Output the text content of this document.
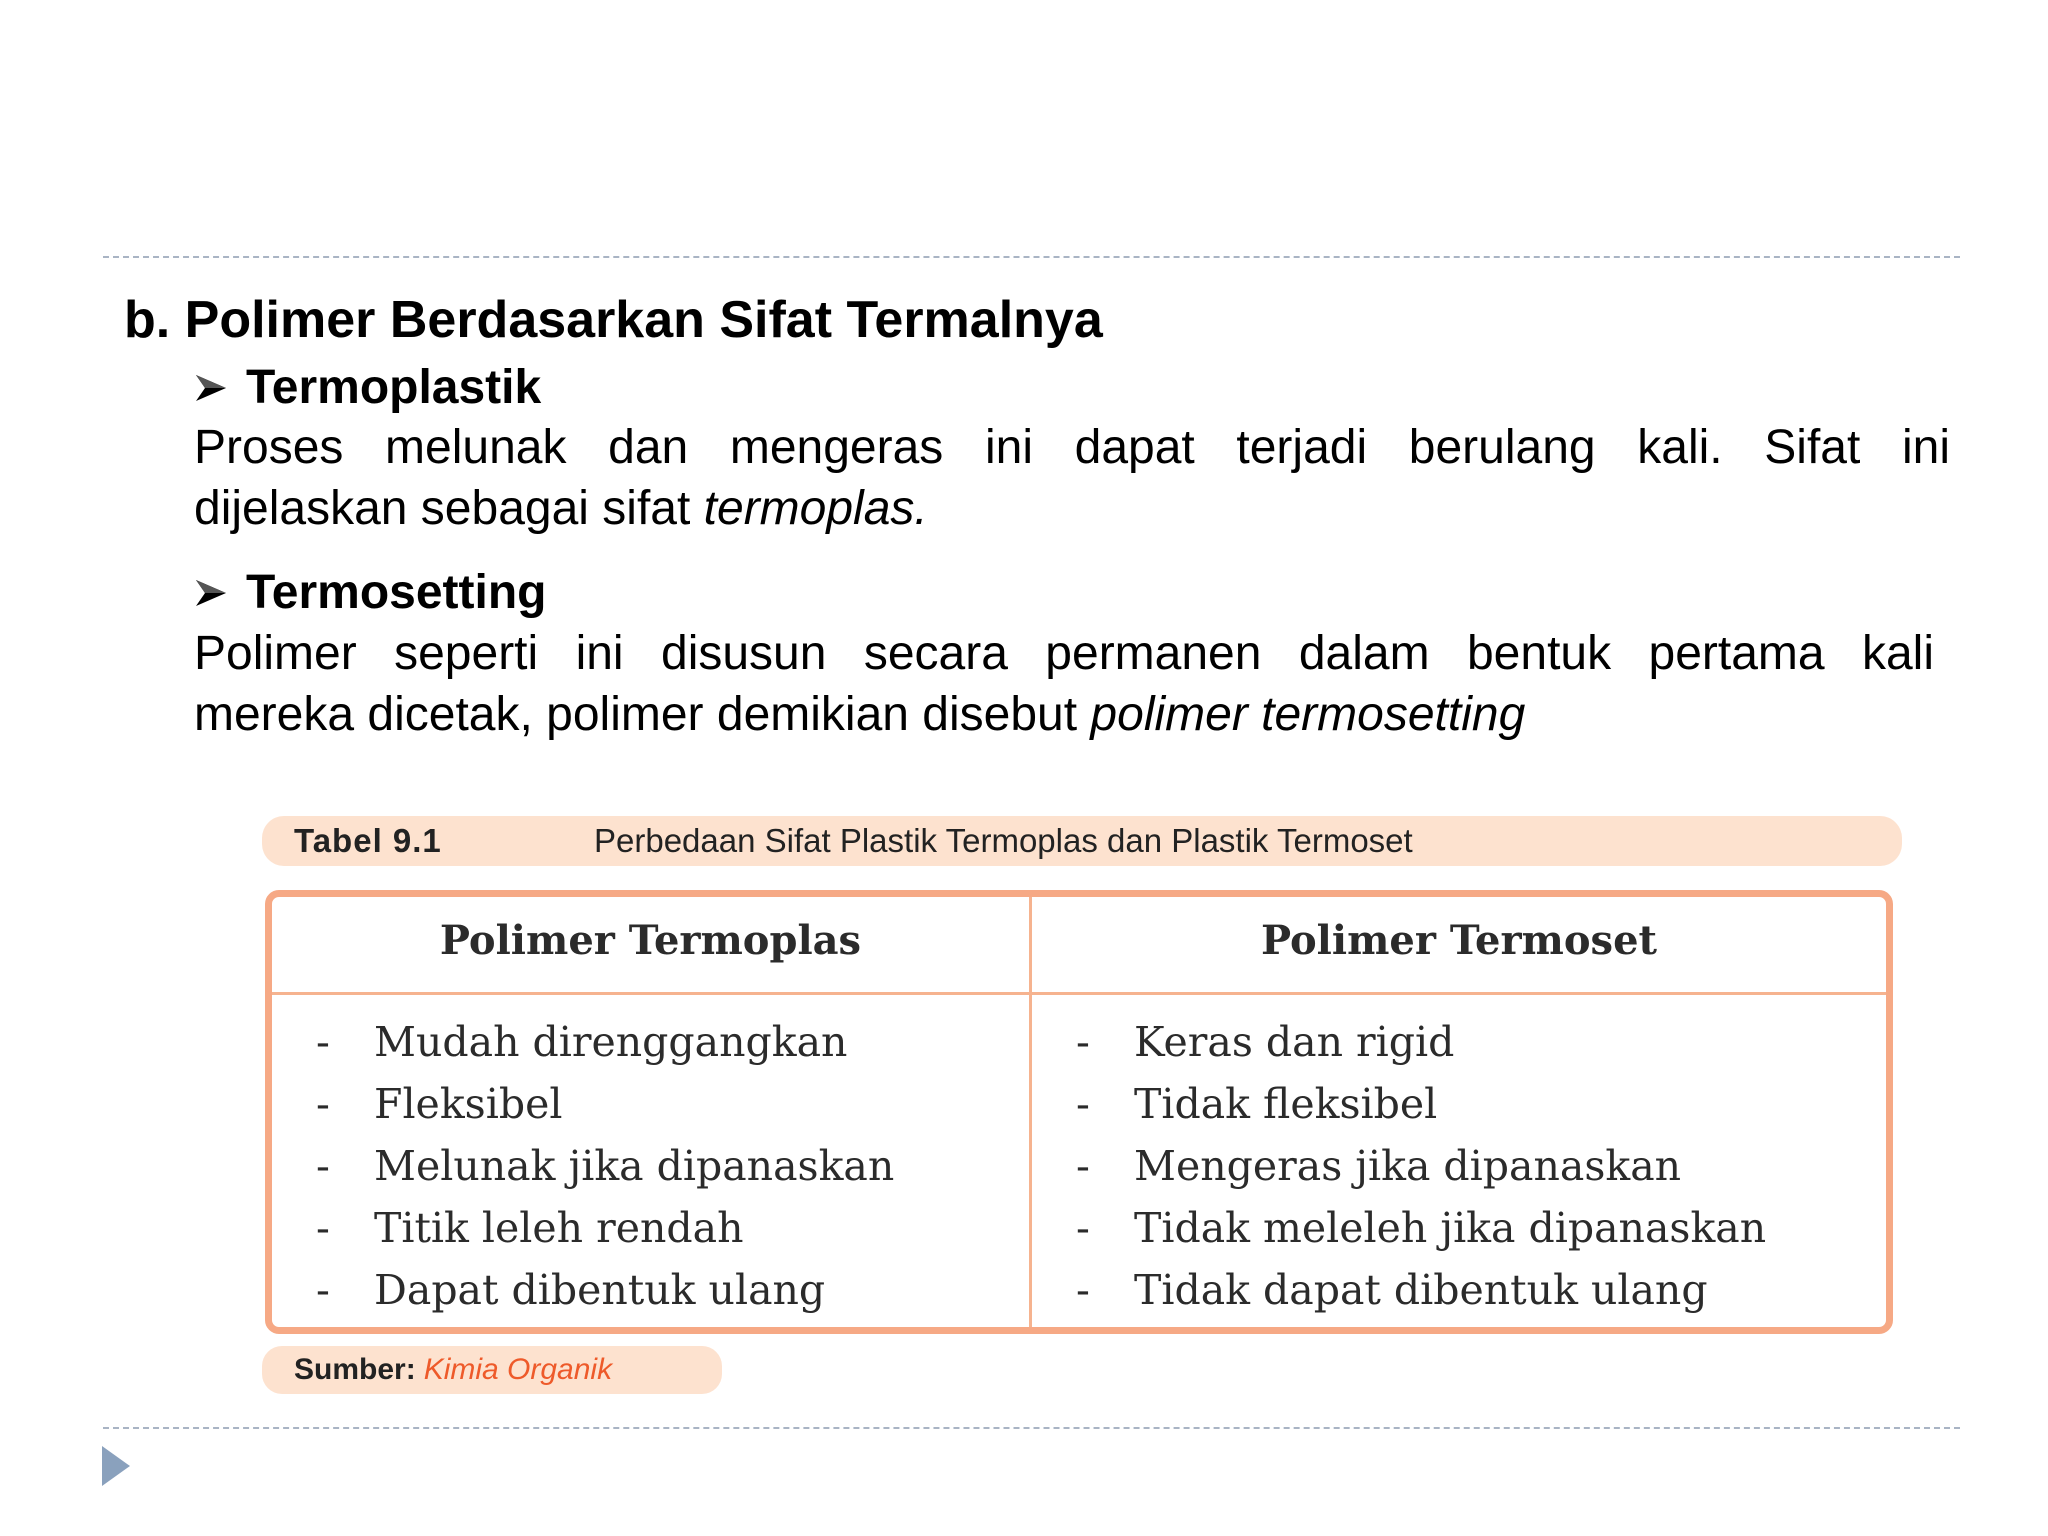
b. Polimer Berdasarkan Sifat Termalnya
Termoplastik
Proses melunak dan mengeras ini dapat terjadi berulang kali. Sifat ini
dijelaskan sebagai sifat termoplas.
Termosetting
Polimer seperti ini disusun secara permanen dalam bentuk pertama kali
mereka dicetak, polimer demikian disebut polimer termosetting
Tabel 9.1	Perbedaan Sifat Plastik Termoplas dan Plastik Termoset
Polimer Termoplas	Polimer Termoset
- Mudah direnggangkan
- Fleksibel
- Melunak jika dipanaskan
- Titik leleh rendah
- Dapat dibentuk ulang
- Keras dan rigid
- Tidak fleksibel
- Mengeras jika dipanaskan
- Tidak meleleh jika dipanaskan
- Tidak dapat dibentuk ulang
Sumber: Kimia Organik
